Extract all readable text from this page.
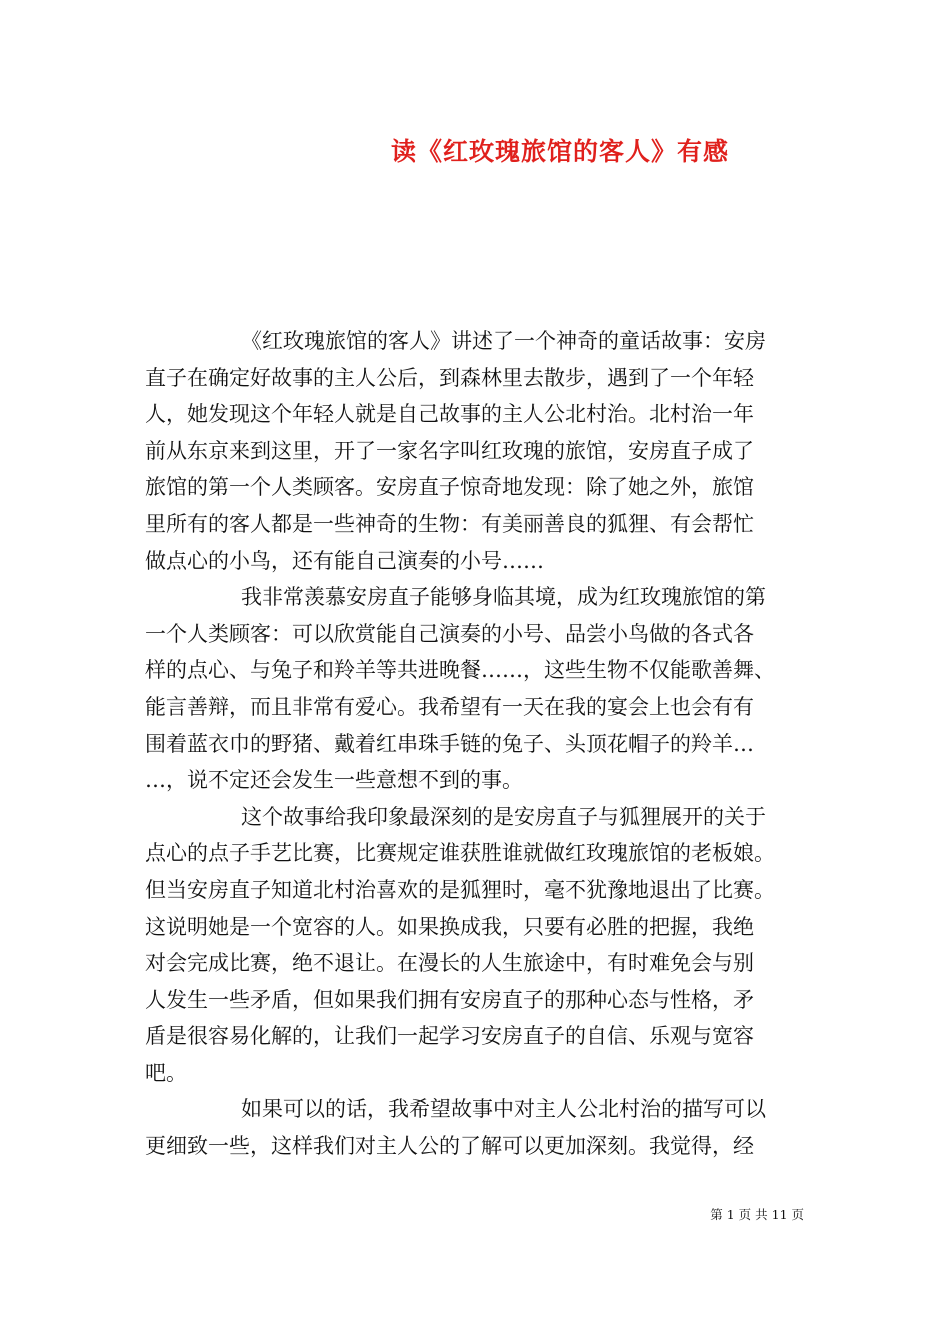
读《红玫瑰旅馆的客人》有感
《红玫瑰旅馆的客人》讲述了一个神奇的童话故事：安房
直子在确定好故事的主人公后，到森林里去散步，遇到了一个年轻
人，她发现这个年轻人就是自己故事的主人公北村治。北村治一年
前从东京来到这里，开了一家名字叫红玫瑰的旅馆，安房直子成了
旅馆的第一个人类顾客。安房直子惊奇地发现：除了她之外，旅馆
里所有的客人都是一些神奇的生物：有美丽善良的狐狸、有会帮忙
做点心的小鸟，还有能自己演奏的小号……
我非常羡慕安房直子能够身临其境，成为红玫瑰旅馆的第
一个人类顾客：可以欣赏能自己演奏的小号、品尝小鸟做的各式各
样的点心、与兔子和羚羊等共进晚餐……，这些生物不仅能歌善舞、
能言善辩，而且非常有爱心。我希望有一天在我的宴会上也会有有
围着蓝衣巾的野猪、戴着红串珠手链的兔子、头顶花帽子的羚羊…
…，说不定还会发生一些意想不到的事。
这个故事给我印象最深刻的是安房直子与狐狸展开的关于
点心的点子手艺比赛，比赛规定谁获胜谁就做红玫瑰旅馆的老板娘。
但当安房直子知道北村治喜欢的是狐狸时，毫不犹豫地退出了比赛。
这说明她是一个宽容的人。如果换成我，只要有必胜的把握，我绝
对会完成比赛，绝不退让。在漫长的人生旅途中，有时难免会与别
人发生一些矛盾，但如果我们拥有安房直子的那种心态与性格，矛
盾是很容易化解的，让我们一起学习安房直子的自信、乐观与宽容
吧。
如果可以的话，我希望故事中对主人公北村治的描写可以
更细致一些，这样我们对主人公的了解可以更加深刻。我觉得，经
第 1 页 共 11 页
